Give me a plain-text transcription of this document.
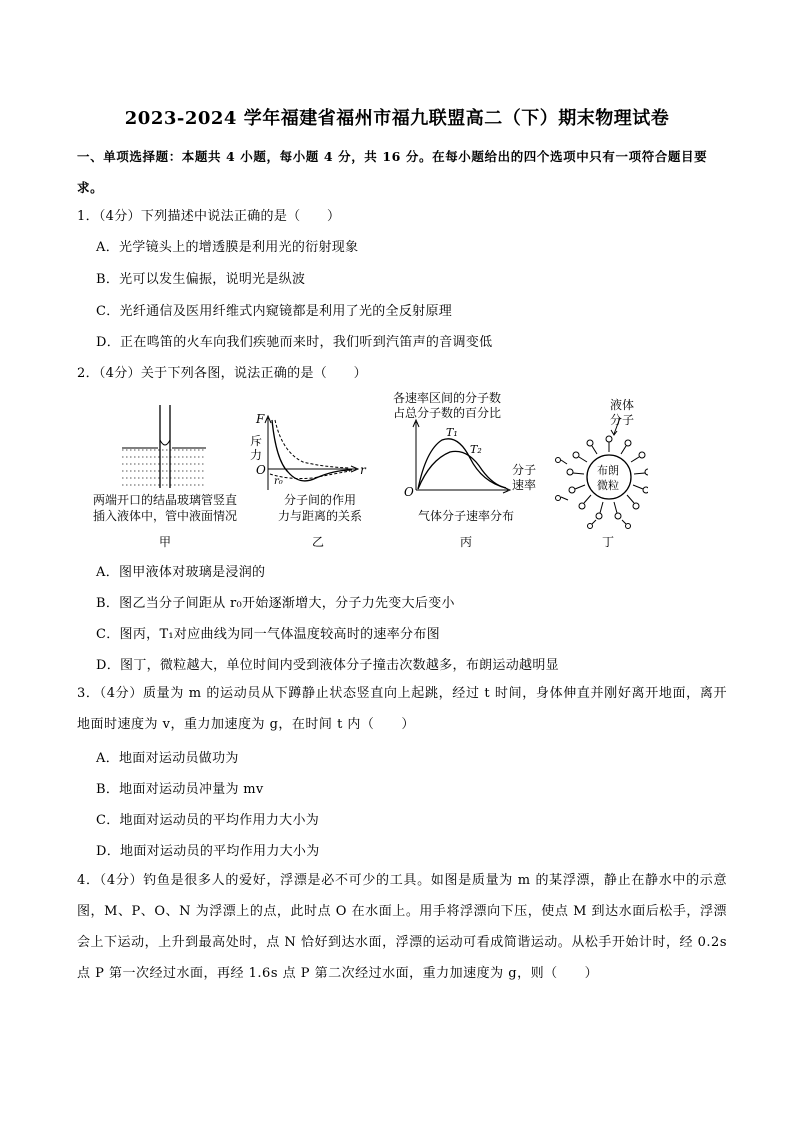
2023-2024 学年福建省福州市福九联盟高二（下）期末物理试卷
一、单项选择题：本题共 4 小题，每小题 4 分，共 16 分。在每小题给出的四个选项中只有一项符合题目要求。
1．（4分）下列描述中说法正确的是（　　）
A．光学镜头上的增透膜是利用光的衍射现象
B．光可以发生偏振，说明光是纵波
C．光纤通信及医用纤维式内窥镜都是利用了光的全反射原理
D．正在鸣笛的火车向我们疾驰而来时，我们听到汽笛声的音调变低
2．（4分）关于下列各图，说法正确的是（　　）
两端开口的结晶玻璃管竖直
插入液体中，管中液面情况
甲
F
斥
力
O	r
r₀
分子间的作用
力与距离的关系
乙
各速率区间的分子数
占总分子数的百分比
T₁
T₂
分子
速率
O
气体分子速率分布
丙
液体
分子
布朗
微粒
丁
A．图甲液体对玻璃是浸润的
B．图乙当分子间距从 r₀开始逐渐增大，分子力先变大后变小
C．图丙，T₁对应曲线为同一气体温度较高时的速率分布图
D．图丁，微粒越大，单位时间内受到液体分子撞击次数越多，布朗运动越明显
3．（4分）质量为 m 的运动员从下蹲静止状态竖直向上起跳，经过 t 时间，身体伸直并刚好离开地面，离开地面时速度为 v，重力加速度为 g，在时间 t 内（　　）
A．地面对运动员做功为
B．地面对运动员冲量为 mv
C．地面对运动员的平均作用力大小为
D．地面对运动员的平均作用力大小为
4．（4分）钓鱼是很多人的爱好，浮漂是必不可少的工具。如图是质量为 m 的某浮漂，静止在静水中的示意图，M、P、O、N 为浮漂上的点，此时点 O 在水面上。用手将浮漂向下压，使点 M 到达水面后松手，浮漂会上下运动，上升到最高处时，点 N 恰好到达水面，浮漂的运动可看成简谐运动。从松手开始计时，经 0.2s 点 P 第一次经过水面，再经 1.6s 点 P 第二次经过水面，重力加速度为 g，则（　　）
